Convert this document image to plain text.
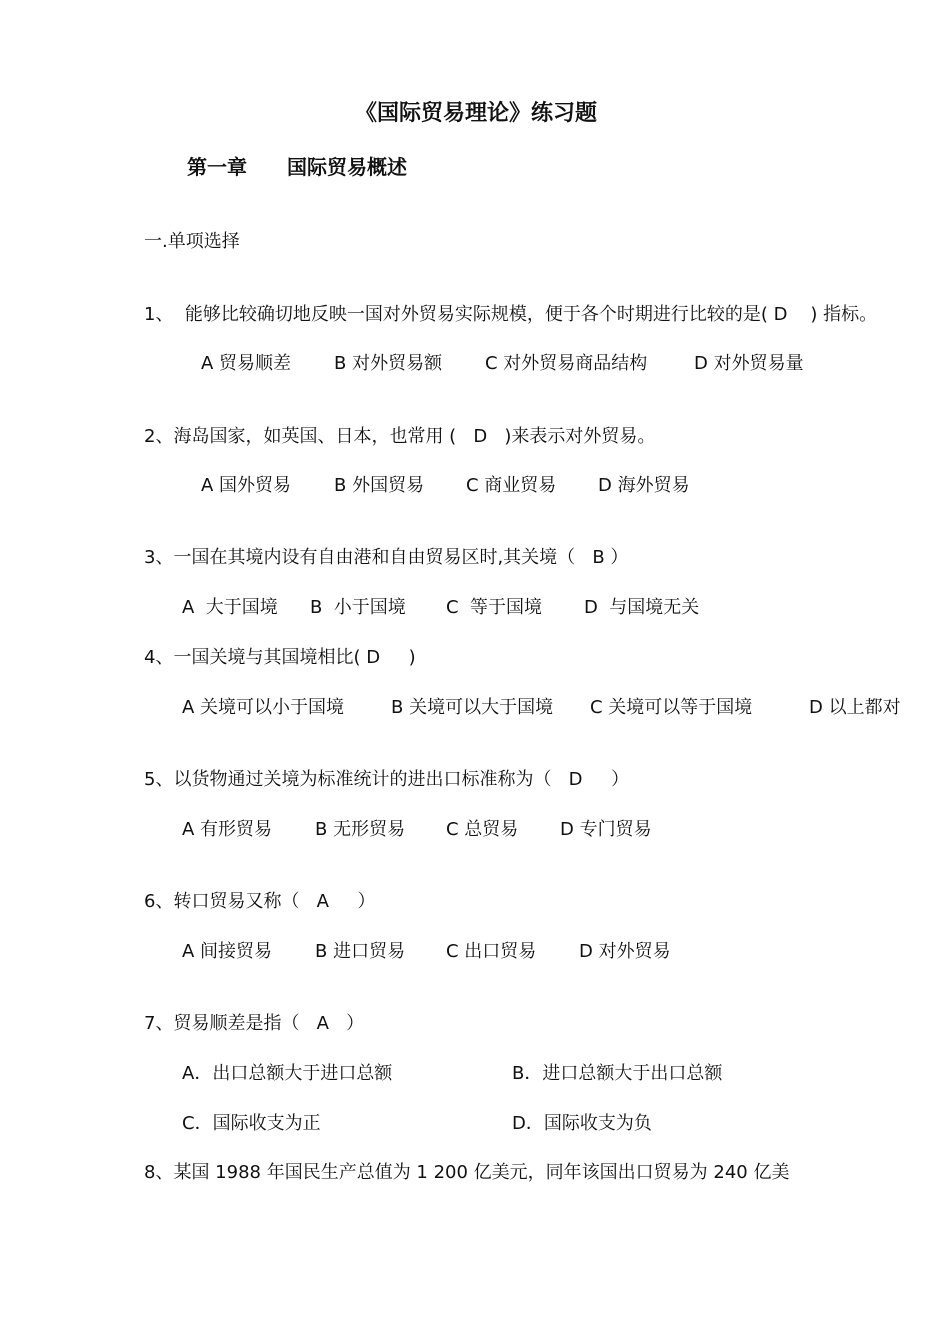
《国际贸易理论》练习题

第一章

国际贸易概述

一.单项选择
1、  能够比较确切地反映一国对外贸易实际规模，便于各个时期进行比较的是( D    ) 指标。

A 贸易顺差

B 对外贸易额

C 对外贸易商品结构

	D 对外贸易量

2、海岛国家，如英国、日本，也常用 (   D   )来表示对外贸易。

A 国外贸易

B 外国贸易

C 商业贸易

D 海外贸易

3、一国在其境内设有自由港和自由贸易区时,其关境（   B ）

A  大于国境

B  小于国境

C  等于国境

D  与国境无关

4、一国关境与其国境相比( D     )

A 关境可以小于国境

	B 关境可以大于国境

C 关境可以等于国境

	D 以上都对

5、以货物通过关境为标准统计的进出口标准称为（   D     ）

A 有形贸易

B 无形贸易

C 总贸易

D 专门贸易

6、转口贸易又称（   A     ）

A 间接贸易

B 进口贸易

C 出口贸易

D 对外贸易

7、贸易顺差是指（   A   ）

A．出口总额大于进口总额

	B．进口总额大于出口总额

C．国际收支为正

	D．国际收支为负

8、某国 1988 年国民生产总值为 1 200 亿美元，同年该国出口贸易为 240 亿美
